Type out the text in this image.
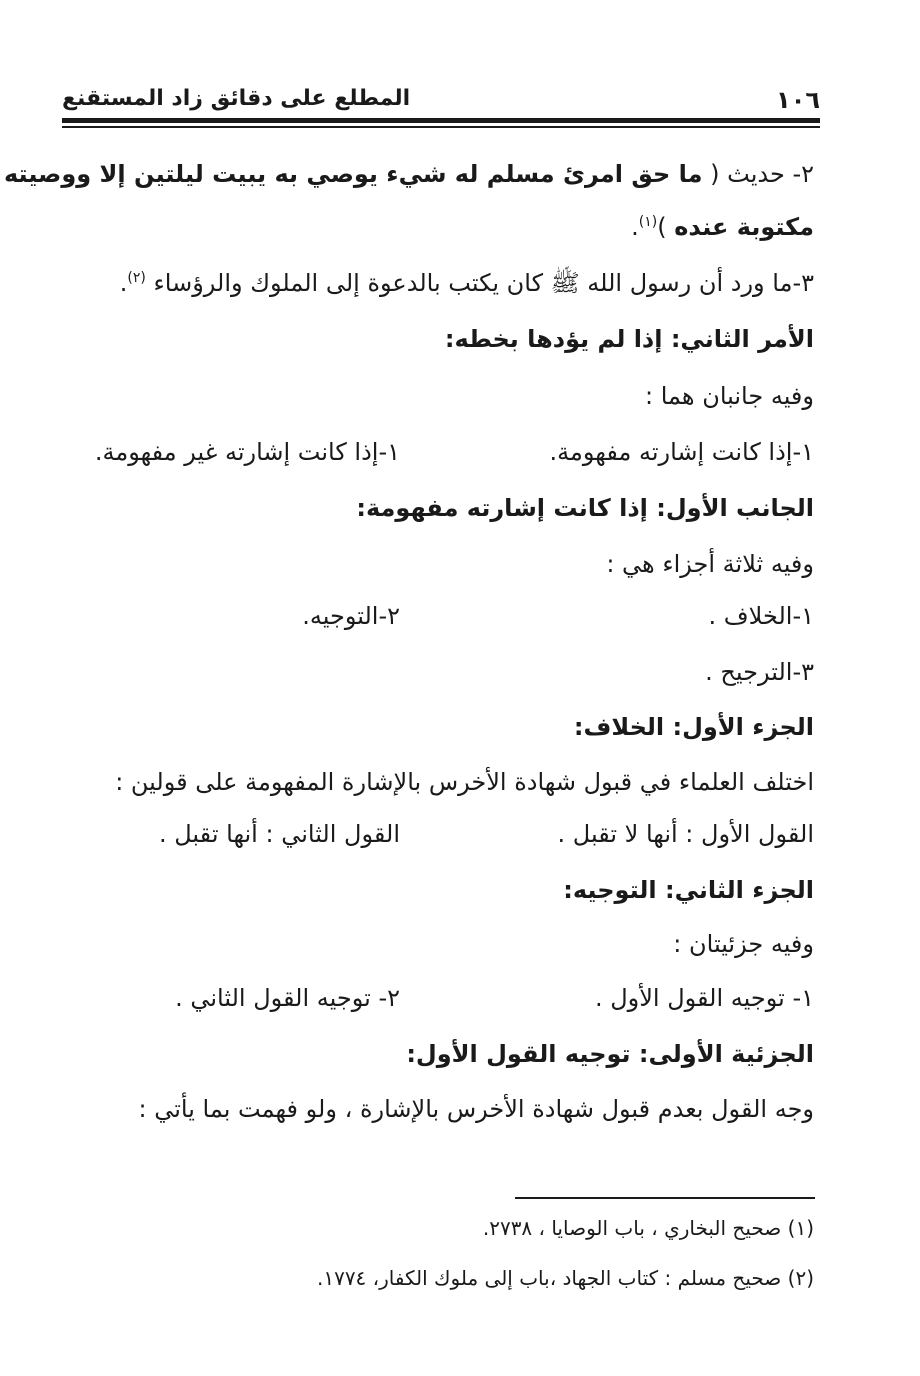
١٠٦
المطلع على دقائق زاد المستقنع
٢- حديث ( ما حق امرئ مسلم له شيء يوصي به يبيت ليلتين إلا ووصيته
مكتوبة عنده )$^{(١)}$.
٣-ما ورد أن رسول الله ﷺ كان يكتب بالدعوة إلى الملوك والرؤساء $^{(٢)}$.
الأمر الثاني: إذا لم يؤدها بخطه:
وفيه جانبان هما :
١-إذا كانت إشارته مفهومة.
١-إذا كانت إشارته غير مفهومة.
الجانب الأول: إذا كانت إشارته مفهومة:
وفيه ثلاثة أجزاء هي :
١-الخلاف .
٢-التوجيه.
٣-الترجيح .
الجزء الأول: الخلاف:
اختلف العلماء في قبول شهادة الأخرس بالإشارة المفهومة على قولين :
القول الأول : أنها لا تقبل .
القول الثاني : أنها تقبل .
الجزء الثاني: التوجيه:
وفيه جزئيتان :
١- توجيه القول الأول .
٢- توجيه القول الثاني .
الجزئية الأولى: توجيه القول الأول:
وجه القول بعدم قبول شهادة الأخرس بالإشارة ، ولو فهمت بما يأتي :
(١) صحيح البخاري ، باب الوصايا ، ٢٧٣٨.
(٢) صحيح مسلم : كتاب الجهاد ،باب إلى ملوك الكفار، ١٧٧٤.
